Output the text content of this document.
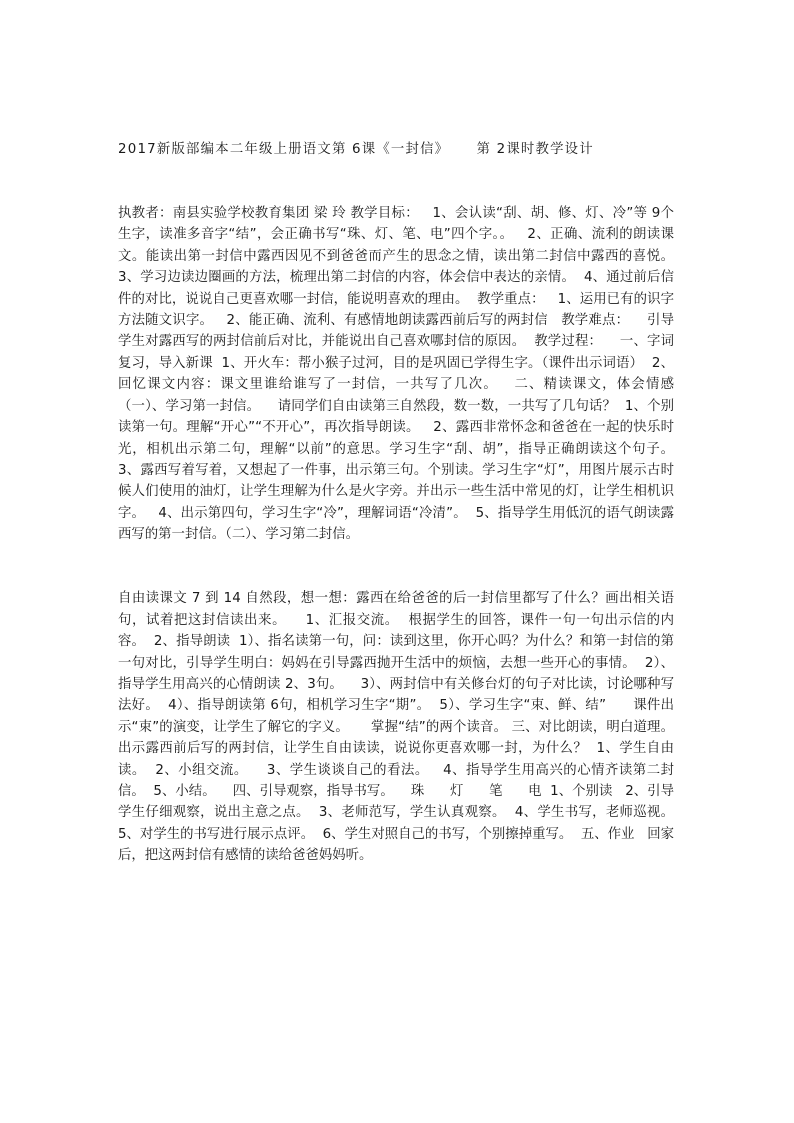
2017新版部编本二年级上册语文第 6课《一封信》     第 2课时教学设计

执教者：南县实验学校教育集团 梁 玲 教学目标：   1、会认读“刮、胡、修、灯、冷”等 9个生字，读准多音字“结”，会正确书写“珠、灯、笔、电”四个字。。   2、正确、流利的朗读课文。能读出第一封信中露西因见不到爸爸而产生的思念之情，读出第二封信中露西的喜悦。   3、学习边读边圈画的方法，梳理出第二封信的内容，体会信中表达的亲情。  4、通过前后信件的对比，说说自己更喜欢哪一封信，能说明喜欢的理由。  教学重点：   1、运用已有的识字方法随文识字。   2、能正确、流利、有感情地朗读露西前后写的两封信   教学难点：    引导学生对露西写的两封信前后对比，并能说出自己喜欢哪封信的原因。  教学过程：    一、字词复习，导入新课  1、开火车：帮小猴子过河，目的是巩固已学得生字。（课件出示词语）  2、回忆课文内容：课文里谁给谁写了一封信，一共写了几次。   二、精读课文，体会情感 （一）、学习第一封信。    请同学们自由读第三自然段，数一数，一共写了几句话？  1、个别读第一句。理解“开心”“不开心”，再次指导朗读。   2、露西非常怀念和爸爸在一起的快乐时光，相机出示第二句，理解“以前”的意思。学习生字“刮、胡”，指导正确朗读这个句子。   3、露西写着写着，又想起了一件事，出示第三句。个别读。学习生字“灯”，用图片展示古时候人们使用的油灯，让学生理解为什么是火字旁。并出示一些生活中常见的灯，让学生相机识字。   4、出示第四句，学习生字“冷”，理解词语“冷清”。  5、指导学生用低沉的语气朗读露西写的第一封信。（二）、学习第二封信。

自由读课文 7 到 14 自然段，想一想：露西在给爸爸的后一封信里都写了什么？画出相关语句，试着把这封信读出来。    1、汇报交流。  根据学生的回答，课件一句一句出示信的内容。  2、指导朗读  1）、指名读第一句，问：读到这里，你开心吗？为什么？和第一封信的第一句对比，引导学生明白：妈妈在引导露西抛开生活中的烦恼，去想一些开心的事情。  2）、指导学生用高兴的心情朗读 2、3句。    3）、两封信中有关修台灯的句子对比读，讨论哪种写法好。  4）、指导朗读第 6句，相机学习生字“期”。  5）、学习生字“束、鲜、结”      课件出示“束”的演变，让学生了解它的字义。     掌握“结”的两个读音。 三、对比朗读，明白道理。     出示露西前后写的两封信，让学生自由读读，说说你更喜欢哪一封，为什么？  1、学生自由读。  2、小组交流。    3、学生谈谈自己的看法。   4、指导学生用高兴的心情齐读第二封信。  5、小结。    四、引导观察，指导书写。    珠      灯      笔      电  1、个别读   2、引导学生仔细观察，说出主意之点。  3、老师范写，学生认真观察。  4、学生书写，老师巡视。   5、对学生的书写进行展示点评。  6、学生对照自己的书写，个别擦掉重写。  五、作业   回家后，把这两封信有感情的读给爸爸妈妈听。
